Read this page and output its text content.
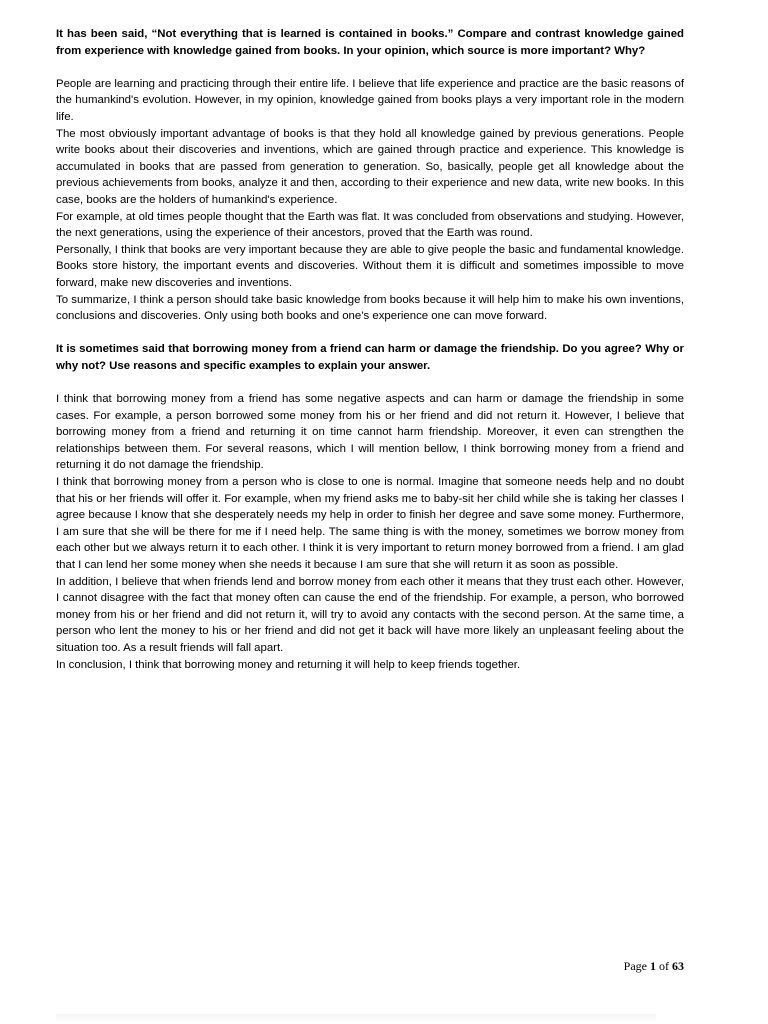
It has been said, “Not everything that is learned is contained in books.” Compare and contrast knowledge gained from experience with knowledge gained from books. In your opinion, which source is more important? Why?

People are learning and practicing through their entire life. I believe that life experience and practice are the basic reasons of the humankind's evolution. However, in my opinion, knowledge gained from books plays a very important role in the modern life.

The most obviously important advantage of books is that they hold all knowledge gained by previous generations. People write books about their discoveries and inventions, which are gained through practice and experience. This knowledge is accumulated in books that are passed from generation to generation. So, basically, people get all knowledge about the previous achievements from books, analyze it and then, according to their experience and new data, write new books. In this case, books are the holders of humankind's experience.

For example, at old times people thought that the Earth was flat. It was concluded from observations and studying. However, the next generations, using the experience of their ancestors, proved that the Earth was round.

Personally, I think that books are very important because they are able to give people the basic and fundamental knowledge. Books store history, the important events and discoveries. Without them it is difficult and sometimes impossible to move forward, make new discoveries and inventions.

To summarize, I think a person should take basic knowledge from books because it will help him to make his own inventions, conclusions and discoveries. Only using both books and one’s experience one can move forward.

It is sometimes said that borrowing money from a friend can harm or damage the friendship. Do you agree? Why or why not? Use reasons and specific examples to explain your answer.

I think that borrowing money from a friend has some negative aspects and can harm or damage the friendship in some cases. For example, a person borrowed some money from his or her friend and did not return it. However, I believe that borrowing money from a friend and returning it on time cannot harm friendship. Moreover, it even can strengthen the relationships between them. For several reasons, which I will mention bellow, I think borrowing money from a friend and returning it do not damage the friendship.

I think that borrowing money from a person who is close to one is normal. Imagine that someone needs help and no doubt that his or her friends will offer it. For example, when my friend asks me to baby-sit her child while she is taking her classes I agree because I know that she desperately needs my help in order to finish her degree and save some money. Furthermore, I am sure that she will be there for me if I need help. The same thing is with the money, sometimes we borrow money from each other but we always return it to each other. I think it is very important to return money borrowed from a friend. I am glad that I can lend her some money when she needs it because I am sure that she will return it as soon as possible.

In addition, I believe that when friends lend and borrow money from each other it means that they trust each other. However, I cannot disagree with the fact that money often can cause the end of the friendship. For example, a person, who borrowed money from his or her friend and did not return it, will try to avoid any contacts with the second person. At the same time, a person who lent the money to his or her friend and did not get it back will have more likely an unpleasant feeling about the situation too. As a result friends will fall apart.

In conclusion, I think that borrowing money and returning it will help to keep friends together.

Page 1 of 63
